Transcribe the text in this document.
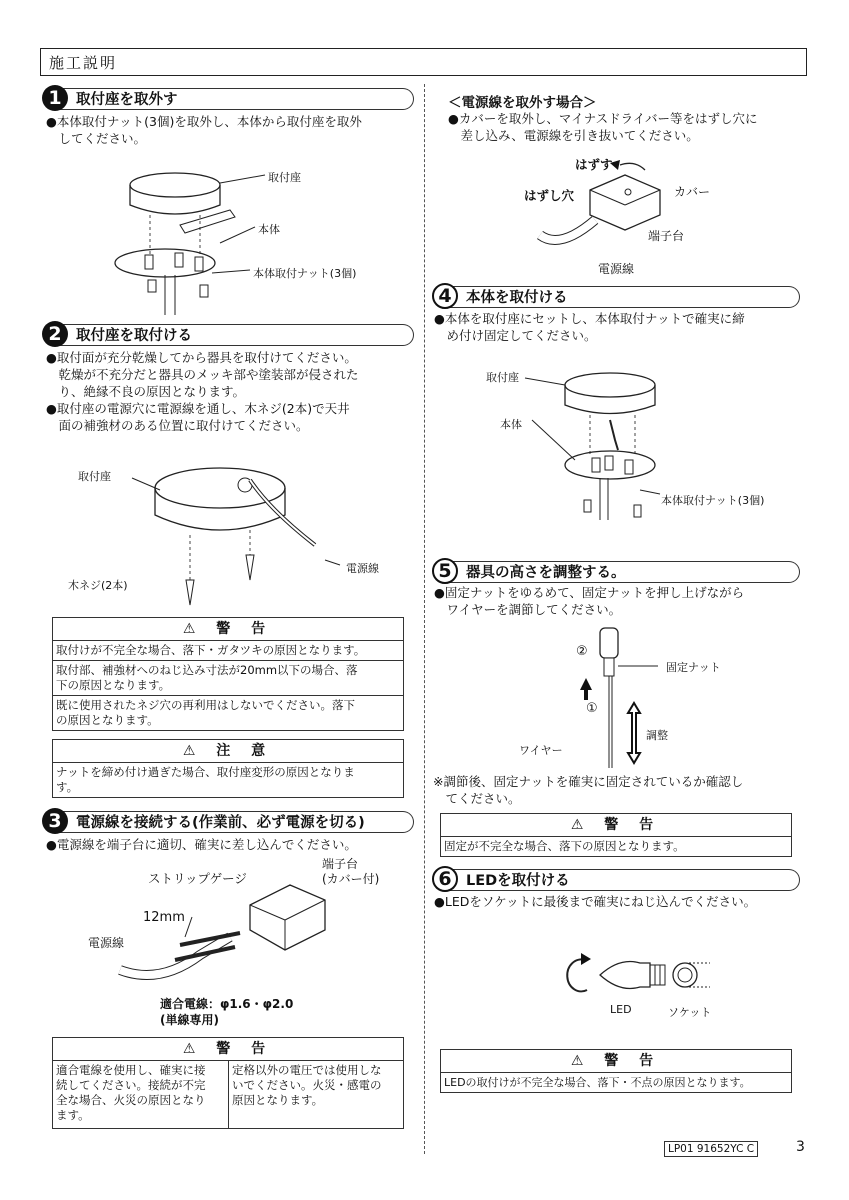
施工説明
1 取付座を取外す
●本体取付ナット(3個)を取外し、本体から取付座を取外
　してください。
取付座
本体
本体取付ナット(3個)
2 取付座を取付ける
●取付面が充分乾燥してから器具を取付けてください。
　乾燥が不充分だと器具のメッキ部や塗装部が侵された
　り、絶縁不良の原因となります。
●取付座の電源穴に電源線を通し、木ネジ(2本)で天井
　面の補強材のある位置に取付けてください。
取付座
電源線
木ネジ(2本)
⚠ 警 告
取付けが不完全な場合、落下・ガタツキの原因となります。
取付部、補強材へのねじ込み寸法が20mm以下の場合、落
下の原因となります。
既に使用されたネジ穴の再利用はしないでください。落下
の原因となります。
⚠ 注 意
ナットを締め付け過ぎた場合、取付座変形の原因となりま
す。
3 電源線を接続する(作業前、必ず電源を切る)
●電源線を端子台に適切、確実に差し込んでください。
ストリップゲージ
端子台
(カバー付)
12mm
電源線
適合電線：φ1.6・φ2.0
(単線専用)
⚠ 警 告
適合電線を使用し、確実に接
続してください。接続が不完
全な場合、火災の原因となり
ます。
定格以外の電圧では使用しな
いでください。火災・感電の
原因となります。
＜電源線を取外す場合＞
●カバーを取外し、マイナスドライバー等をはずし穴に
　差し込み、電源線を引き抜いてください。
はずす
はずし穴	カバー
端子台
電源線
4 本体を取付ける
●本体を取付座にセットし、本体取付ナットで確実に締
　め付け固定してください。
取付座
本体
本体取付ナット(3個)
5 器具の高さを調整する。
●固定ナットをゆるめて、固定ナットを押し上げながら
　ワイヤーを調節してください。
②
①
固定ナット
調整
ワイヤー
※調節後、固定ナットを確実に固定されているか確認し
　てください。
⚠ 警 告
固定が不完全な場合、落下の原因となります。
6 LEDを取付ける
●LEDをソケットに最後まで確実にねじ込んでください。
LED	ソケット
⚠ 警 告
LEDの取付けが不完全な場合、落下・不点の原因となります。
LP01 91652YC C	3
